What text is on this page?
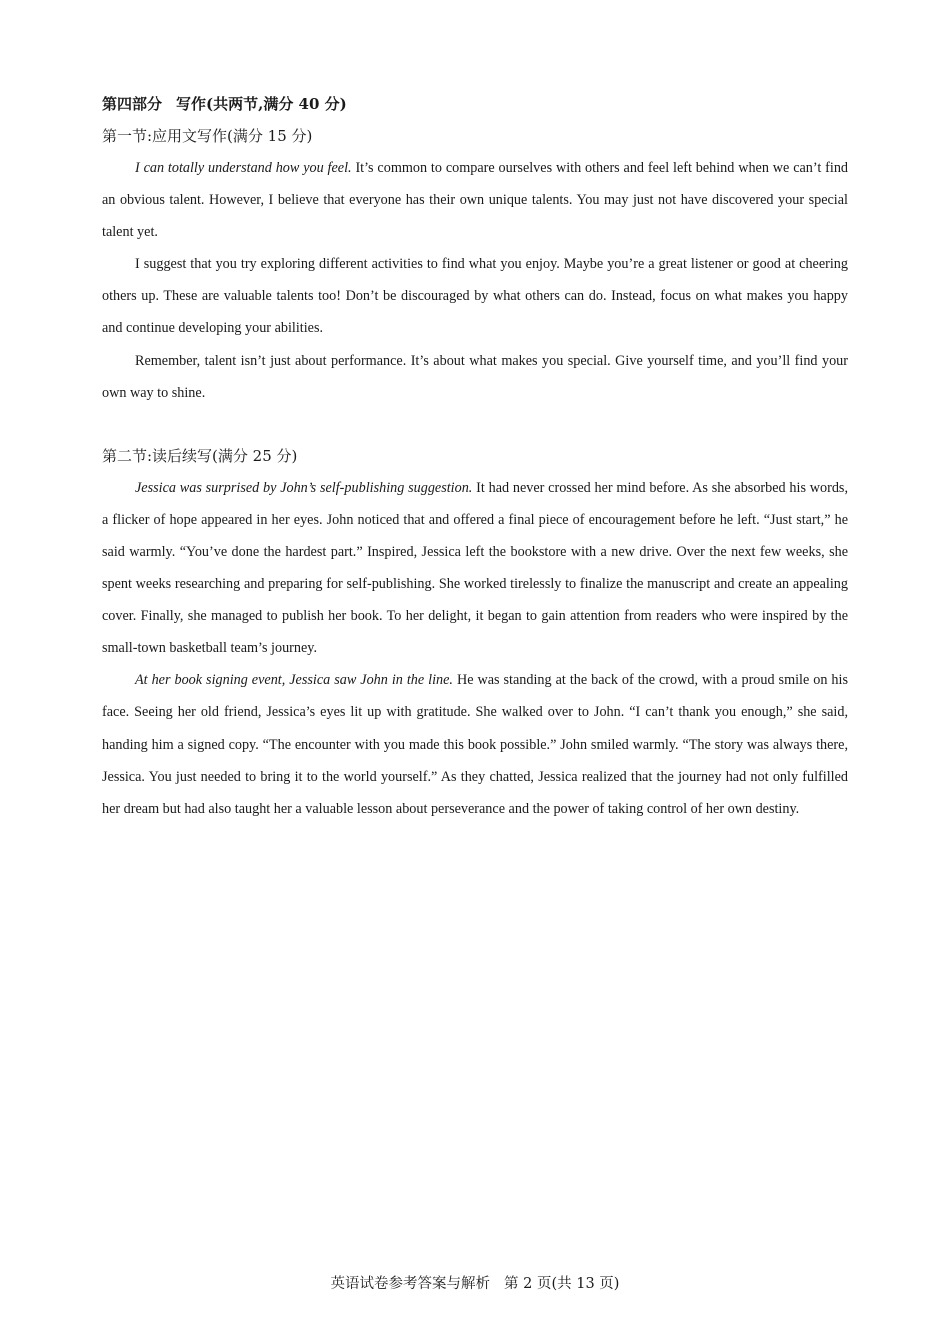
第四部分 写作(共两节,满分 40 分)
第一节:应用文写作(满分 15 分)

I can totally understand how you feel. It’s common to compare ourselves with others and feel left behind when we can’t find an obvious talent. However, I believe that everyone has their own unique talents. You may just not have discovered your special talent yet.

I suggest that you try exploring different activities to find what you enjoy. Maybe you’re a great listener or good at cheering others up. These are valuable talents too! Don’t be discouraged by what others can do. Instead, focus on what makes you happy and continue developing your abilities.

Remember, talent isn’t just about performance. It’s about what makes you special. Give yourself time, and you’ll find your own way to shine.

第二节:读后续写(满分 25 分)

Jessica was surprised by John’s self-publishing suggestion. It had never crossed her mind before. As she absorbed his words, a flicker of hope appeared in her eyes. John noticed that and offered a final piece of encouragement before he left. “Just start,” he said warmly. “You’ve done the hardest part.” Inspired, Jessica left the bookstore with a new drive. Over the next few weeks, she spent weeks researching and preparing for self-publishing. She worked tirelessly to finalize the manuscript and create an appealing cover. Finally, she managed to publish her book. To her delight, it began to gain attention from readers who were inspired by the small-town basketball team’s journey.

At her book signing event, Jessica saw John in the line. He was standing at the back of the crowd, with a proud smile on his face. Seeing her old friend, Jessica’s eyes lit up with gratitude. She walked over to John. “I can’t thank you enough,” she said, handing him a signed copy. “The encounter with you made this book possible.” John smiled warmly. “The story was always there, Jessica. You just needed to bring it to the world yourself.” As they chatted, Jessica realized that the journey had not only fulfilled her dream but had also taught her a valuable lesson about perseverance and the power of taking control of her own destiny.

英语试卷参考答案与解析 第 2 页(共 13 页)
